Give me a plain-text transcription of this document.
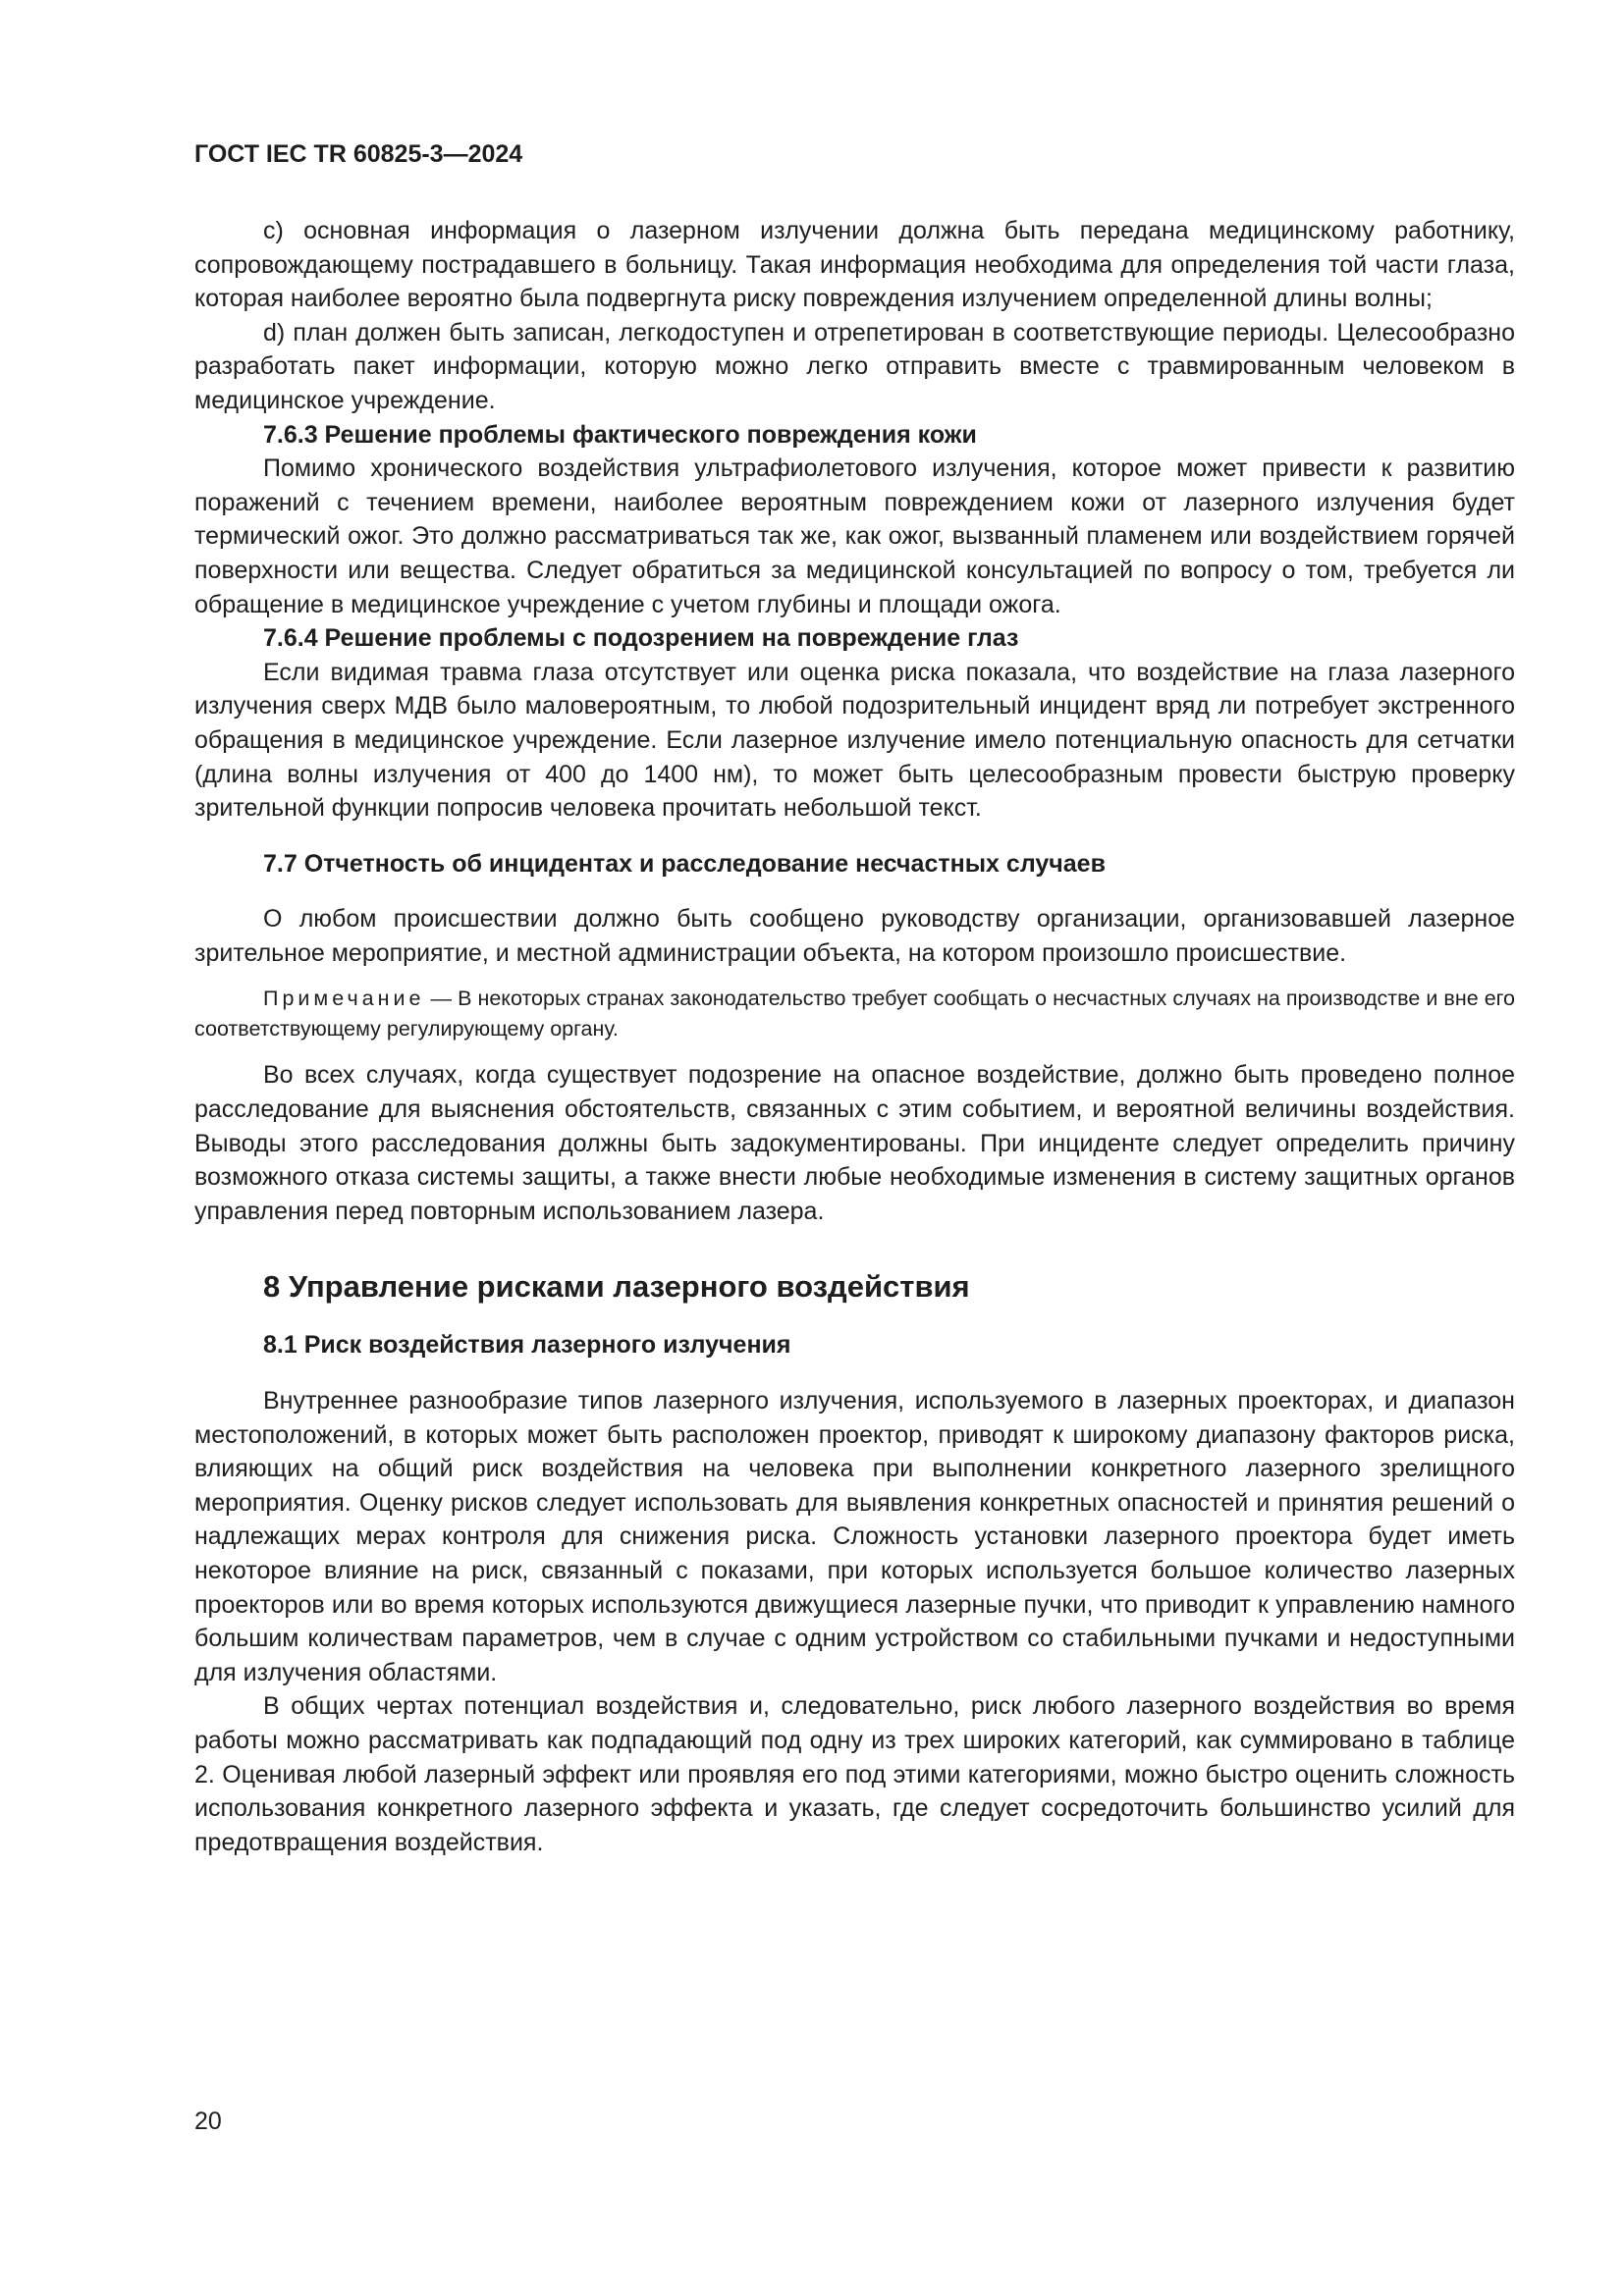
ГОСТ IEC TR 60825-3—2024

c) основная информация о лазерном излучении должна быть передана медицинскому работнику, сопровождающему пострадавшего в больницу. Такая информация необходима для определения той части глаза, которая наиболее вероятно была подвергнута риску повреждения излучением определенной длины волны;

d) план должен быть записан, легкодоступен и отрепетирован в соответствующие периоды. Целесообразно разработать пакет информации, которую можно легко отправить вместе с травмированным человеком в медицинское учреждение.

7.6.3 Решение проблемы фактического повреждения кожи

Помимо хронического воздействия ультрафиолетового излучения, которое может привести к развитию поражений с течением времени, наиболее вероятным повреждением кожи от лазерного излучения будет термический ожог. Это должно рассматриваться так же, как ожог, вызванный пламенем или воздействием горячей поверхности или вещества. Следует обратиться за медицинской консультацией по вопросу о том, требуется ли обращение в медицинское учреждение с учетом глубины и площади ожога.

7.6.4 Решение проблемы с подозрением на повреждение глаз

Если видимая травма глаза отсутствует или оценка риска показала, что воздействие на глаза лазерного излучения сверх МДВ было маловероятным, то любой подозрительный инцидент вряд ли потребует экстренного обращения в медицинское учреждение. Если лазерное излучение имело потенциальную опасность для сетчатки (длина волны излучения от 400 до 1400 нм), то может быть целесообразным провести быструю проверку зрительной функции попросив человека прочитать небольшой текст.

7.7 Отчетность об инцидентах и расследование несчастных случаев

О любом происшествии должно быть сообщено руководству организации, организовавшей лазерное зрительное мероприятие, и местной администрации объекта, на котором произошло происшествие.

Примечание — В некоторых странах законодательство требует сообщать о несчастных случаях на производстве и вне его соответствующему регулирующему органу.

Во всех случаях, когда существует подозрение на опасное воздействие, должно быть проведено полное расследование для выяснения обстоятельств, связанных с этим событием, и вероятной величины воздействия. Выводы этого расследования должны быть задокументированы. При инциденте следует определить причину возможного отказа системы защиты, а также внести любые необходимые изменения в систему защитных органов управления перед повторным использованием лазера.

8 Управление рисками лазерного воздействия
8.1 Риск воздействия лазерного излучения

Внутреннее разнообразие типов лазерного излучения, используемого в лазерных проекторах, и диапазон местоположений, в которых может быть расположен проектор, приводят к широкому диапазону факторов риска, влияющих на общий риск воздействия на человека при выполнении конкретного лазерного зрелищного мероприятия. Оценку рисков следует использовать для выявления конкретных опасностей и принятия решений о надлежащих мерах контроля для снижения риска. Сложность установки лазерного проектора будет иметь некоторое влияние на риск, связанный с показами, при которых используется большое количество лазерных проекторов или во время которых используются движущиеся лазерные пучки, что приводит к управлению намного большим количествам параметров, чем в случае с одним устройством со стабильными пучками и недоступными для излучения областями.

В общих чертах потенциал воздействия и, следовательно, риск любого лазерного воздействия во время работы можно рассматривать как подпадающий под одну из трех широких категорий, как суммировано в таблице 2. Оценивая любой лазерный эффект или проявляя его под этими категориями, можно быстро оценить сложность использования конкретного лазерного эффекта и указать, где следует сосредоточить большинство усилий для предотвращения воздействия.

20
